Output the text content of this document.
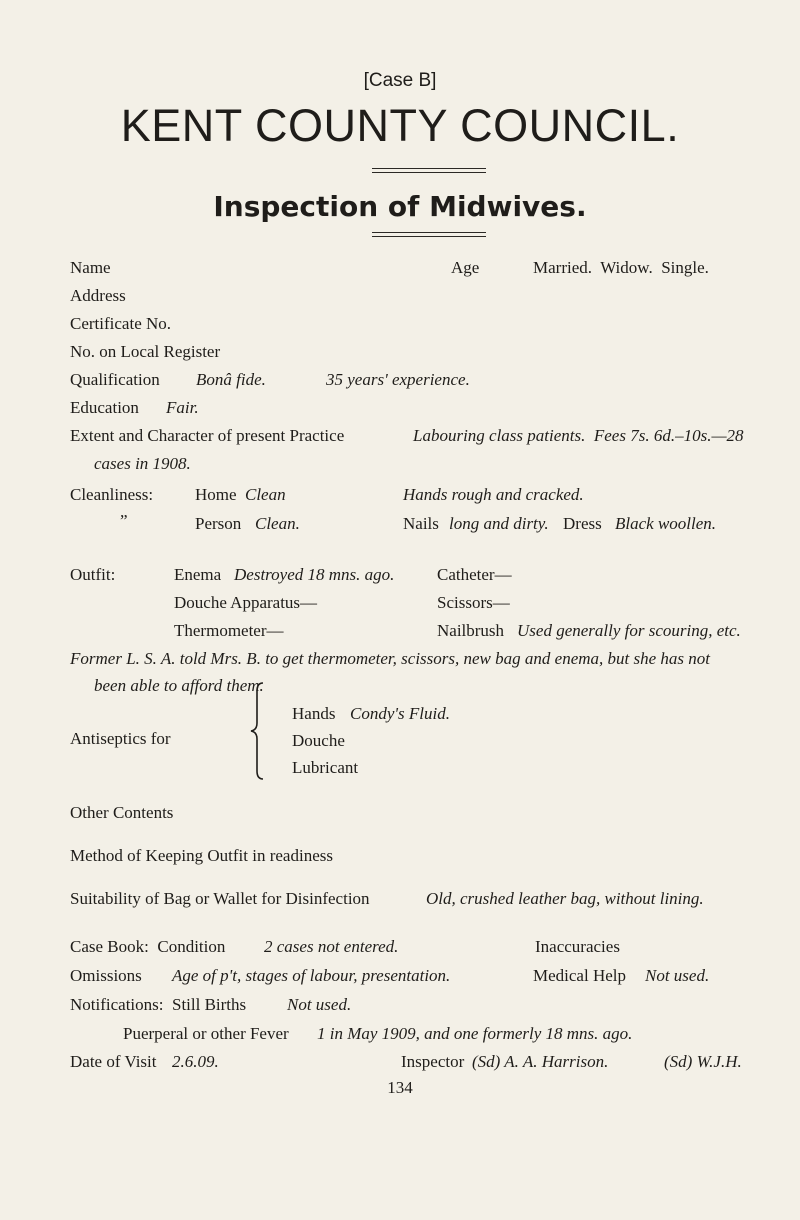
[Case B]
KENT COUNTY COUNCIL.
Inspection of Midwives.
Name	Age	Married.  Widow.  Single.
Address
Certificate No.
No. on Local Register
Qualification Bonâ fide.	35 years' experience.
Education Fair.
Extent and Character of present Practice	Labouring class patients.  Fees 7s. 6d.–10s.—28
cases in 1908.
Cleanliness: Home Clean	Hands rough and cracked.
”	Person Clean.	Nails long and dirty. Dress Black woollen.
Outfit:	Enema Destroyed 18 mns. ago.	Catheter—
Douche Apparatus—	Scissors—
Thermometer—	Nailbrush Used generally for scouring, etc.
Former L. S. A. told Mrs. B. to get thermometer, scissors, new bag and enema, but she has not
been able to afford them.
Antiseptics for
Hands Condy's Fluid.
Douche
Lubricant
Other Contents
Method of Keeping Outfit in readiness
Suitability of Bag or Wallet for Disinfection	Old, crushed leather bag, without lining.
Case Book:  Condition 2 cases not entered.	Inaccuracies
Omissions Age of p't, stages of labour, presentation.	Medical Help Not used.
Notifications:  Still Births Not used.
Puerperal or other Fever 1 in May 1909, and one formerly 18 mns. ago.
Date of Visit 2.6.09.	Inspector (Sd) A. A. Harrison.	(Sd) W.J.H.
134
